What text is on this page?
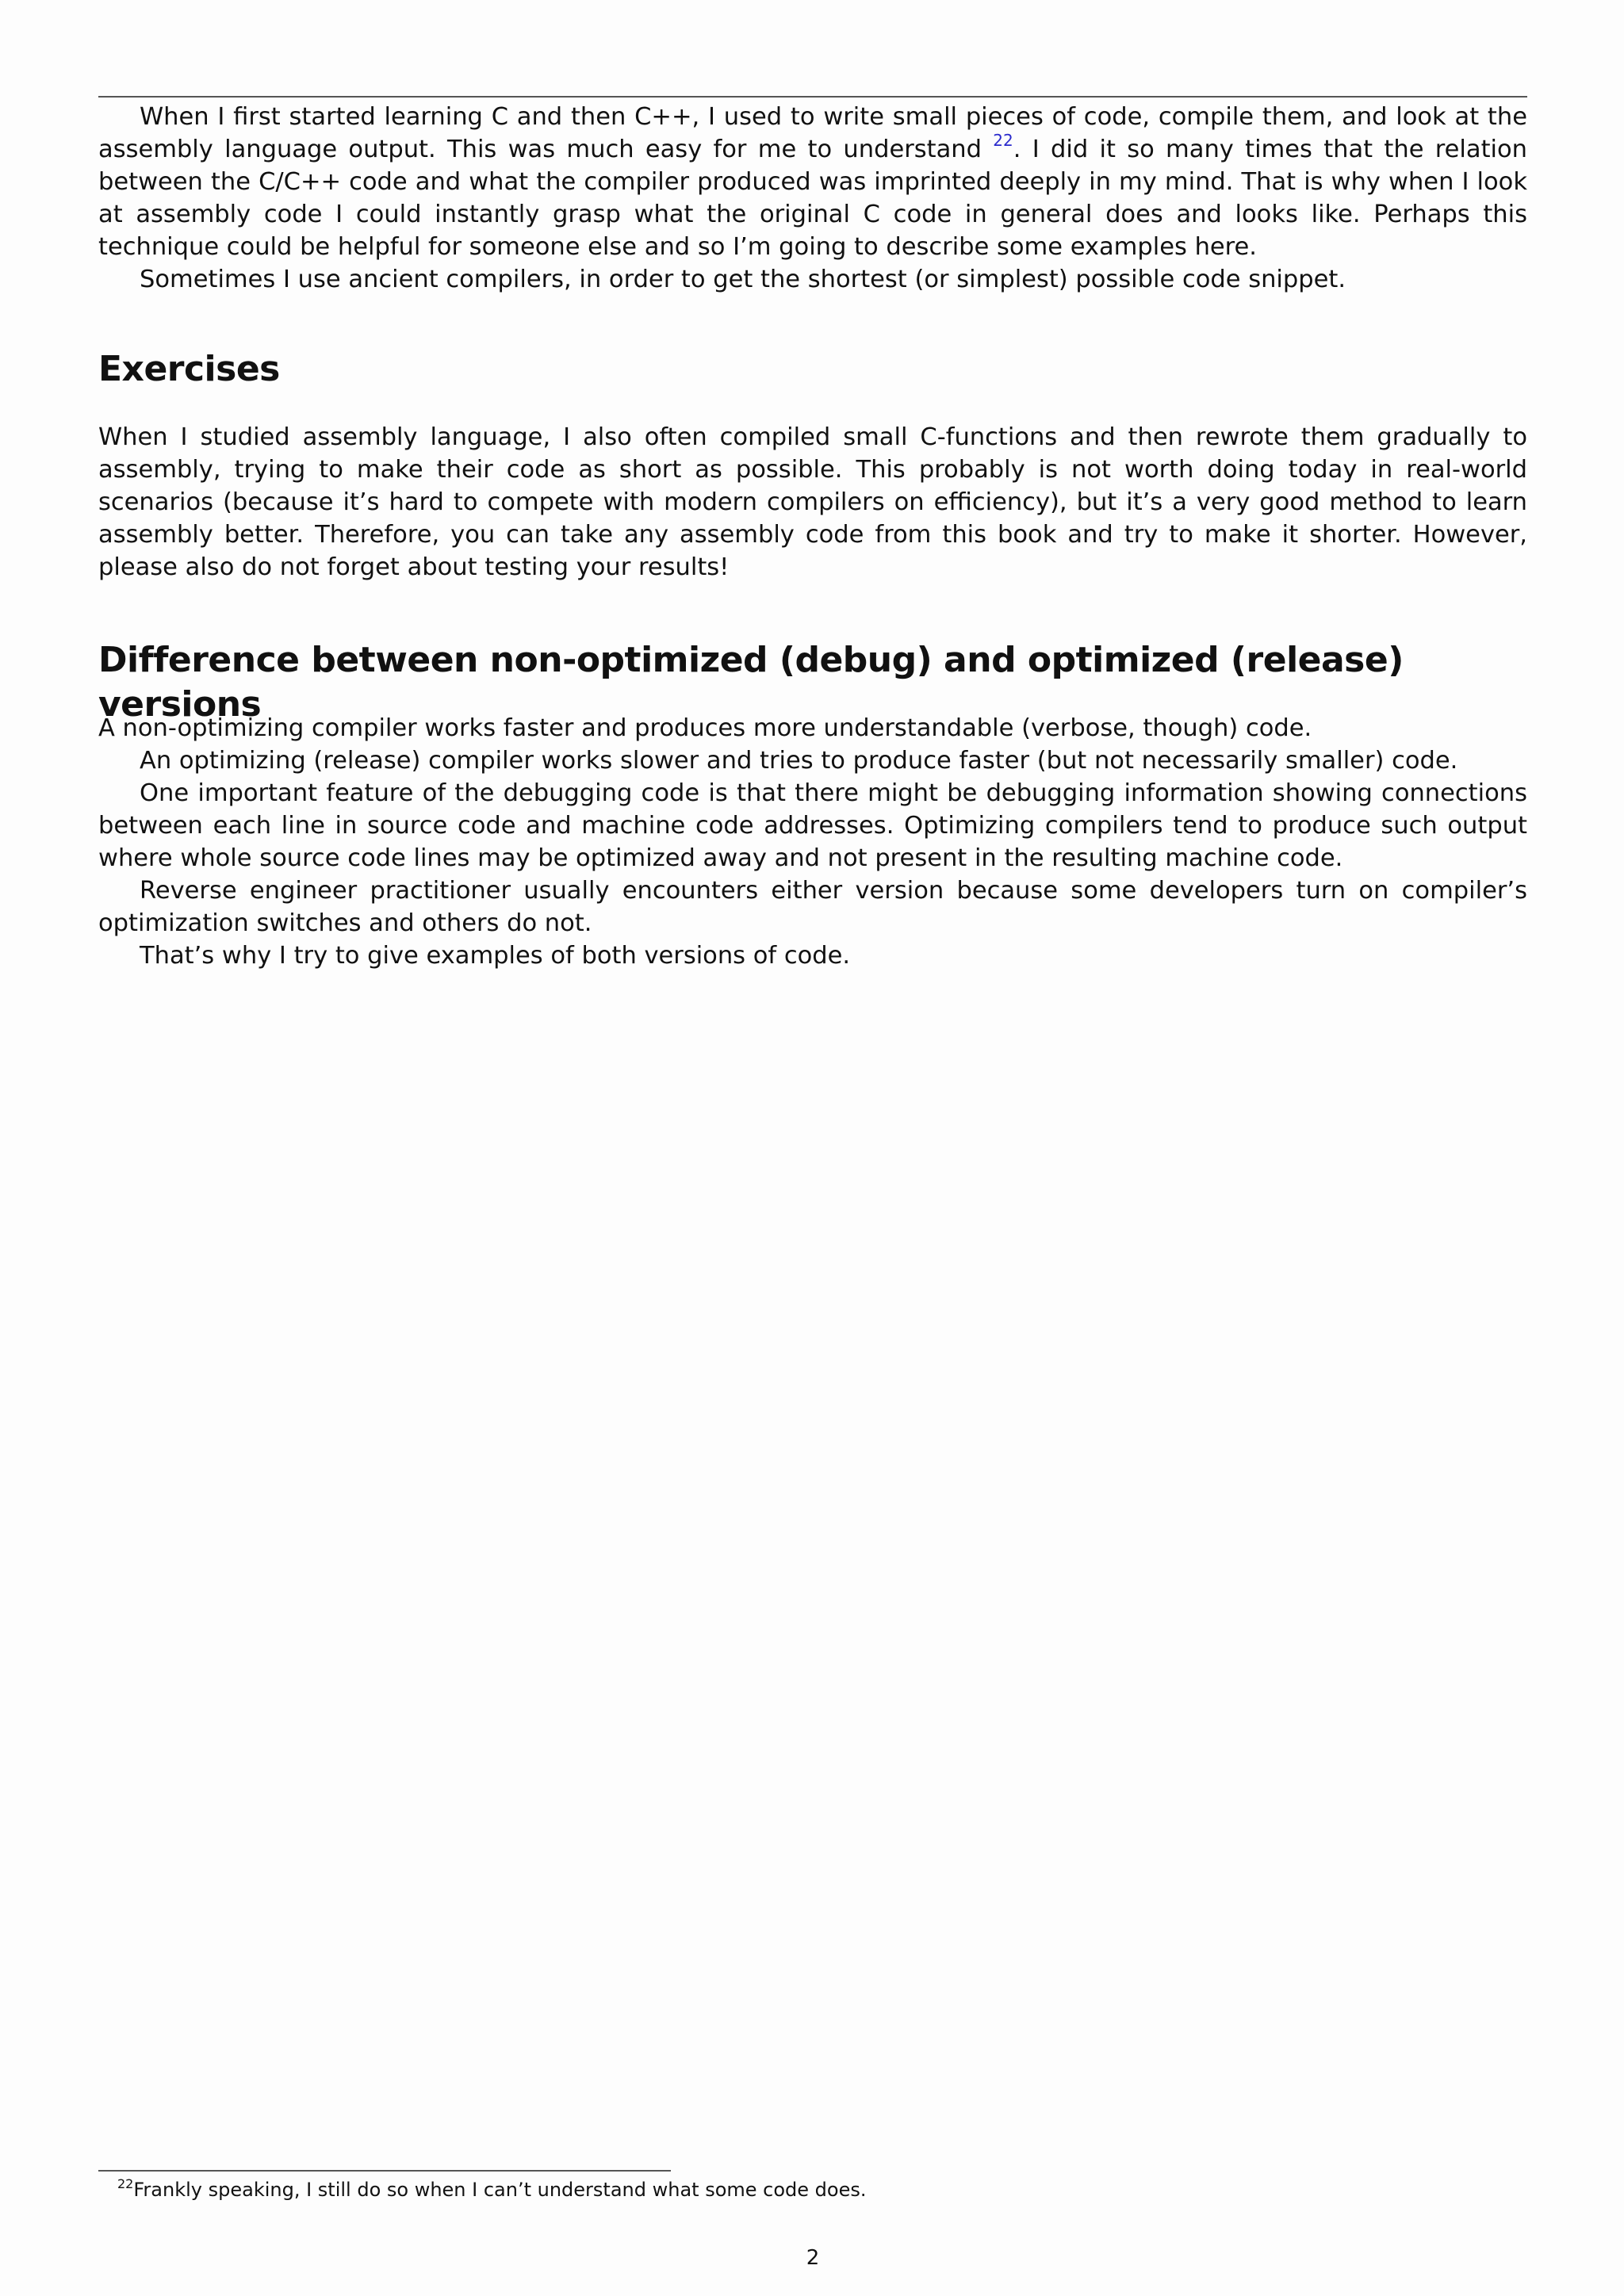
When I first started learning C and then C++, I used to write small pieces of code, compile them, and look at the assembly language output. This was much easy for me to understand $^{22}$. I did it so many times that the relation between the C/C++ code and what the compiler produced was imprinted deeply in my mind. That is why when I look at assembly code I could instantly grasp what the original C code in general does and looks like. Perhaps this technique could be helpful for someone else and so I’m going to describe some examples here.

Sometimes I use ancient compilers, in order to get the shortest (or simplest) possible code snippet.

Exercises

When I studied assembly language, I also often compiled small C-functions and then rewrote them gradually to assembly, trying to make their code as short as possible. This probably is not worth doing today in real-world scenarios (because it’s hard to compete with modern compilers on efficiency), but it’s a very good method to learn assembly better. Therefore, you can take any assembly code from this book and try to make it shorter. However, please also do not forget about testing your results!

Difference between non-optimized (debug) and optimized (release) versions

A non-optimizing compiler works faster and produces more understandable (verbose, though) code.

An optimizing (release) compiler works slower and tries to produce faster (but not necessarily smaller) code.

One important feature of the debugging code is that there might be debugging information showing connections between each line in source code and machine code addresses. Optimizing compilers tend to produce such output where whole source code lines may be optimized away and not present in the resulting machine code.

Reverse engineer practitioner usually encounters either version because some developers turn on compiler’s optimization switches and others do not.

That’s why I try to give examples of both versions of code.

$^{22}$Frankly speaking, I still do so when I can’t understand what some code does.
2
